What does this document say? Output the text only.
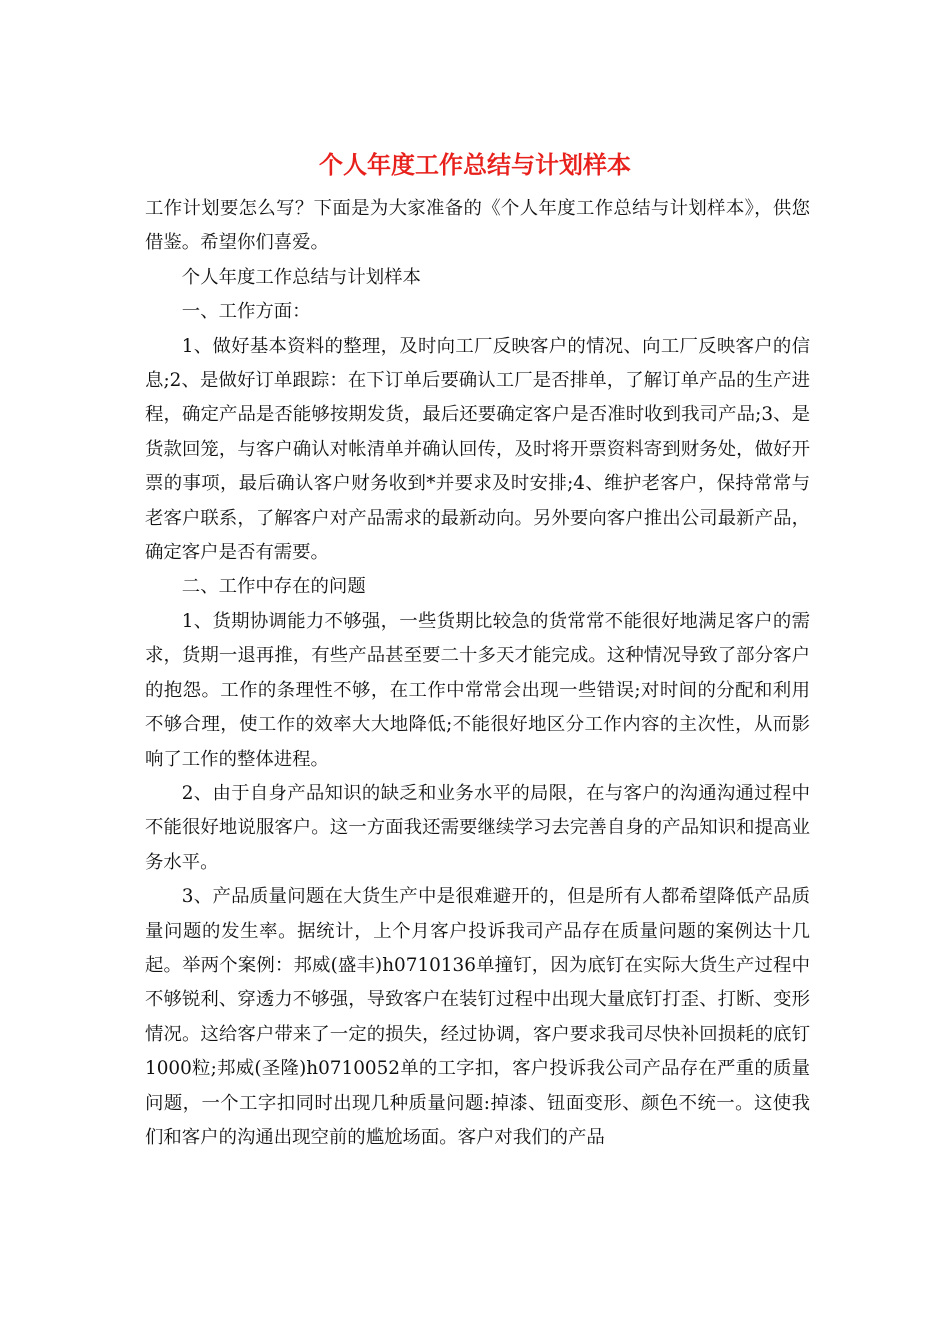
个人年度工作总结与计划样本

工作计划要怎么写？下面是为大家准备的《个人年度工作总结与计划样本》，供您借鉴。希望你们喜爱。

个人年度工作总结与计划样本

一、工作方面：

1、做好基本资料的整理，及时向工厂反映客户的情况、向工厂反映客户的信息;2、是做好订单跟踪：在下订单后要确认工厂是否排单，了解订单产品的生产进程，确定产品是否能够按期发货，最后还要确定客户是否准时收到我司产品;3、是货款回笼，与客户确认对帐清单并确认回传，及时将开票资料寄到财务处，做好开票的事项，最后确认客户财务收到*并要求及时安排;4、维护老客户，保持常常与老客户联系，了解客户对产品需求的最新动向。另外要向客户推出公司最新产品，确定客户是否有需要。

二、工作中存在的问题

1、货期协调能力不够强，一些货期比较急的货常常不能很好地满足客户的需求，货期一退再推，有些产品甚至要二十多天才能完成。这种情况导致了部分客户的抱怨。工作的条理性不够，在工作中常常会出现一些错误;对时间的分配和利用不够合理，使工作的效率大大地降低;不能很好地区分工作内容的主次性，从而影响了工作的整体进程。

2、由于自身产品知识的缺乏和业务水平的局限，在与客户的沟通沟通过程中不能很好地说服客户。这一方面我还需要继续学习去完善自身的产品知识和提高业务水平。

3、产品质量问题在大货生产中是很难避开的，但是所有人都希望降低产品质量问题的发生率。据统计，上个月客户投诉我司产品存在质量问题的案例达十几起。举两个案例：邦威(盛丰)h0710136单撞钉，因为底钉在实际大货生产过程中不够锐利、穿透力不够强，导致客户在装钉过程中出现大量底钉打歪、打断、变形情况。这给客户带来了一定的损失，经过协调，客户要求我司尽快补回损耗的底钉1000粒;邦威(圣隆)h0710052单的工字扣，客户投诉我公司产品存在严重的质量问题，一个工字扣同时出现几种质量问题:掉漆、钮面变形、颜色不统一。这使我们和客户的沟通出现空前的尴尬场面。客户对我们的产品
